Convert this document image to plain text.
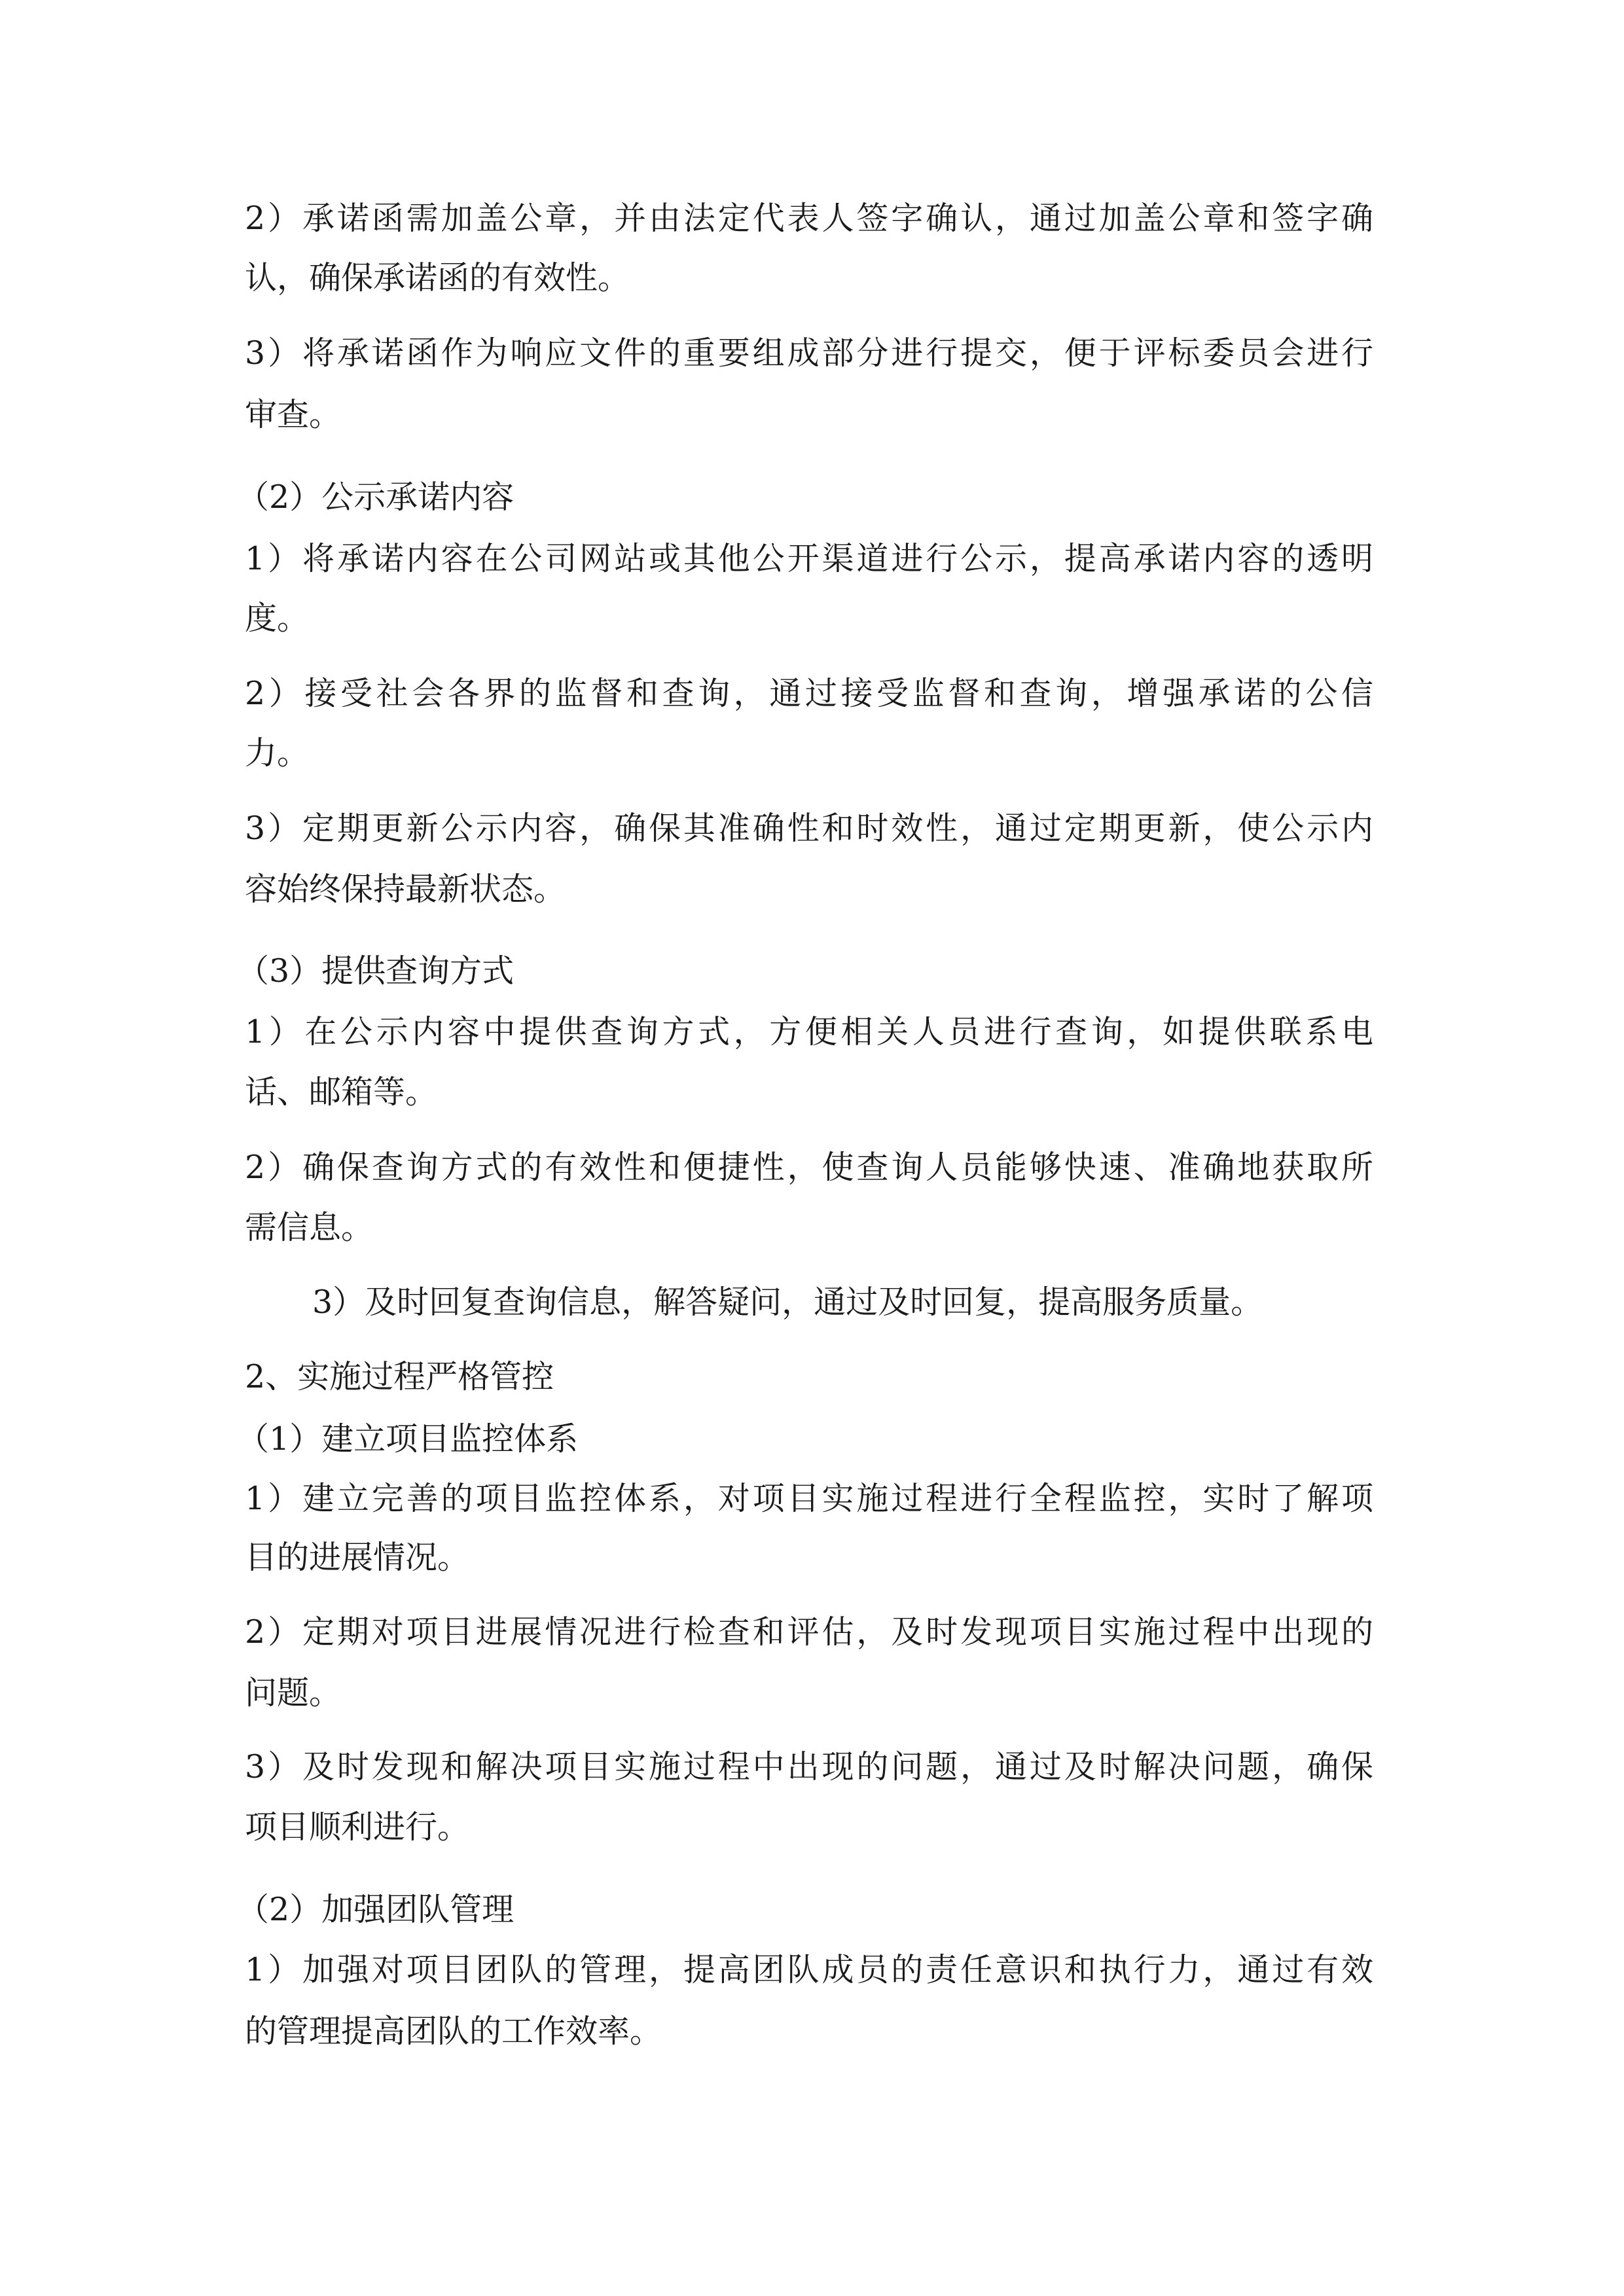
2）承诺函需加盖公章，并由法定代表人签字确认，通过加盖公章和签字确

认，确保承诺函的有效性。

3）将承诺函作为响应文件的重要组成部分进行提交，便于评标委员会进行

审查。

（2）公示承诺内容

1）将承诺内容在公司网站或其他公开渠道进行公示，提高承诺内容的透明

度。

2）接受社会各界的监督和查询，通过接受监督和查询，增强承诺的公信

力。

3）定期更新公示内容，确保其准确性和时效性，通过定期更新，使公示内

容始终保持最新状态。

（3）提供查询方式

1）在公示内容中提供查询方式，方便相关人员进行查询，如提供联系电

话、邮箱等。

2）确保查询方式的有效性和便捷性，使查询人员能够快速、准确地获取所

需信息。

3）及时回复查询信息，解答疑问，通过及时回复，提高服务质量。

2、实施过程严格管控

（1）建立项目监控体系

1）建立完善的项目监控体系，对项目实施过程进行全程监控，实时了解项

目的进展情况。

2）定期对项目进展情况进行检查和评估，及时发现项目实施过程中出现的

问题。

3）及时发现和解决项目实施过程中出现的问题，通过及时解决问题，确保

项目顺利进行。

（2）加强团队管理

1）加强对项目团队的管理，提高团队成员的责任意识和执行力，通过有效

的管理提高团队的工作效率。
